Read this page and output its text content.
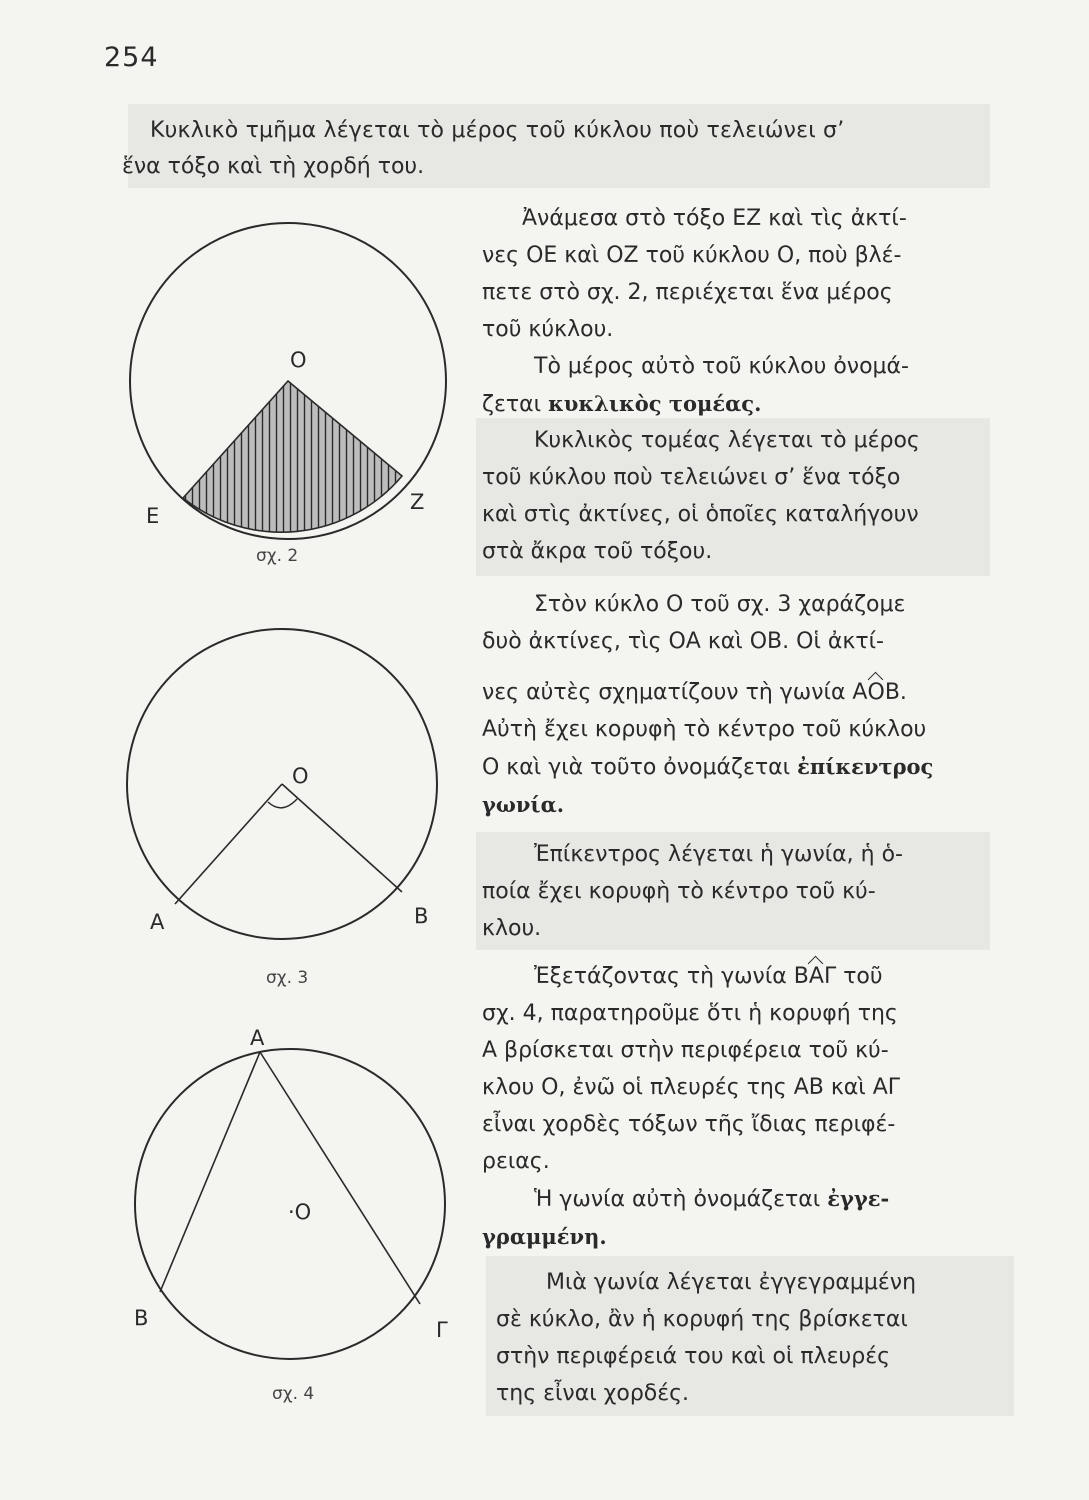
254
Κυκλικὸ τμῆμα λέγεται τὸ μέρος τοῦ κύκλου ποὺ τελειώνει σ’
ἕνα τόξο καὶ τὴ χορδή του.
Ἀνάμεσα στὸ τόξο ΕΖ καὶ τὶς ἀκτί-
νες ΟΕ καὶ ΟΖ τοῦ κύκλου Ο, ποὺ βλέ-
πετε στὸ σχ. 2, περιέχεται ἕνα μέρος
τοῦ κύκλου.
Τὸ μέρος αὐτὸ τοῦ κύκλου ὀνομά-
ζεται κυκλικὸς τομέας.
Κυκλικὸς τομέας λέγεται τὸ μέρος
τοῦ κύκλου ποὺ τελειώνει σ’ ἕνα τόξο
καὶ στὶς ἀκτίνες, οἱ ὁποῖες καταλήγουν
στὰ ἄκρα τοῦ τόξου.
Στὸν κύκλο Ο τοῦ σχ. 3 χαράζομε
δυὸ ἀκτίνες, τὶς ΟΑ καὶ ΟΒ. Οἱ ἀκτί-
νες αὐτὲς σχηματίζουν τὴ γωνία ΑΟΒ.
Αὐτὴ ἔχει κορυφὴ τὸ κέντρο τοῦ κύκλου
Ο καὶ γιὰ τοῦτο ὀνομάζεται ἐπίκεντρος
γωνία.
Ἐπίκεντρος λέγεται ἡ γωνία, ἡ ὁ-
ποία ἔχει κορυφὴ τὸ κέντρο τοῦ κύ-
κλου.
Ἐξετάζοντας τὴ γωνία ΒΑΓ τοῦ
σχ. 4, παρατηροῦμε ὅτι ἡ κορυφή της
Α βρίσκεται στὴν περιφέρεια τοῦ κύ-
κλου Ο, ἐνῶ οἱ πλευρές της ΑΒ καὶ ΑΓ
εἶναι χορδὲς τόξων τῆς ἴδιας περιφέ-
ρειας.
Ἡ γωνία αὐτὴ ὀνομάζεται ἐγγε-
γραμμένη.
Μιὰ γωνία λέγεται ἐγγεγραμμένη
σὲ κύκλο, ἂν ἡ κορυφή της βρίσκεται
στὴν περιφέρειά του καὶ οἱ πλευρές
της εἶναι χορδές.
Ο
Ε
Ζ
σχ. 2
Ο
Α	Β
σχ. 3
Α
·Ο
Β	Γ
σχ. 4
